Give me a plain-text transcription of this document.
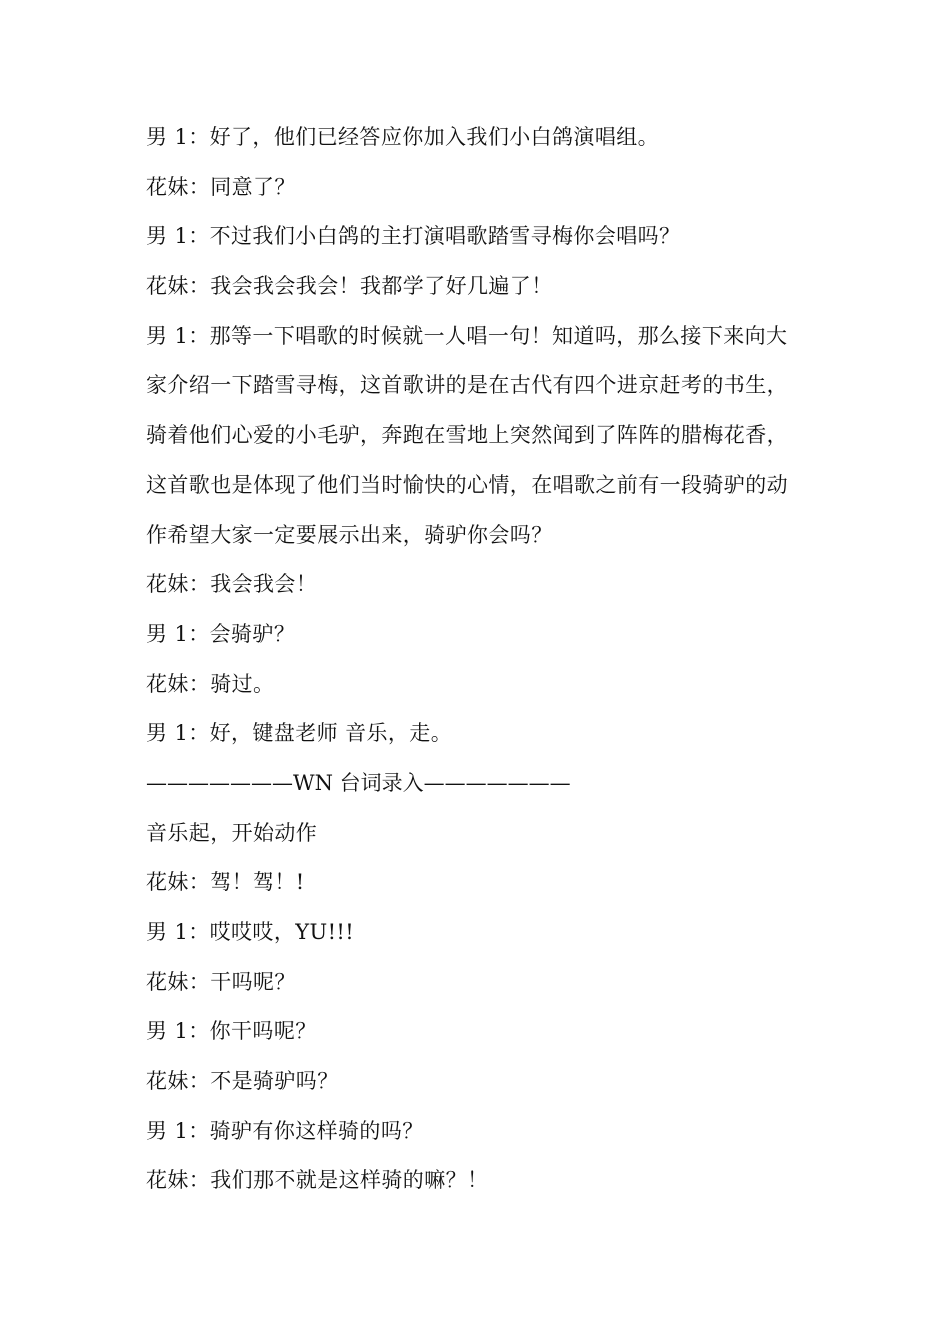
男 1：好了，他们已经答应你加入我们小白鸽演唱组。
花妹：同意了？
男 1：不过我们小白鸽的主打演唱歌踏雪寻梅你会唱吗？
花妹：我会我会我会！我都学了好几遍了！
男 1：那等一下唱歌的时候就一人唱一句！知道吗，那么接下来向大
家介绍一下踏雪寻梅，这首歌讲的是在古代有四个进京赶考的书生，
骑着他们心爱的小毛驴，奔跑在雪地上突然闻到了阵阵的腊梅花香，
这首歌也是体现了他们当时愉快的心情，在唱歌之前有一段骑驴的动
作希望大家一定要展示出来，骑驴你会吗？
花妹：我会我会！
男 1：会骑驴？
花妹：骑过。
男 1：好，键盘老师 音乐，走。
———————WN 台词录入———————
音乐起，开始动作
花妹：驾！驾！!
男 1：哎哎哎，YU!!!
花妹：干吗呢？
男 1：你干吗呢？
花妹：不是骑驴吗？
男 1：骑驴有你这样骑的吗？
花妹：我们那不就是这样骑的嘛？！
